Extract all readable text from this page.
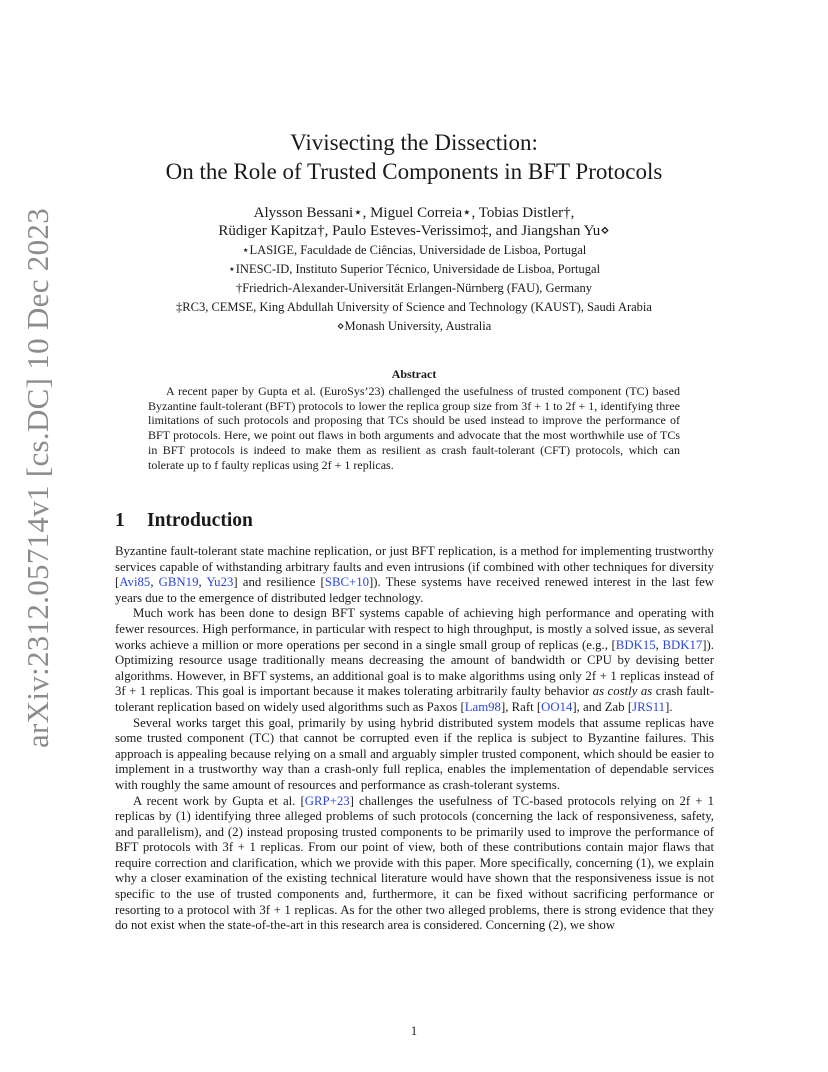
arXiv:2312.05714v1 [cs.DC] 10 Dec 2023
Vivisecting the Dissection:
On the Role of Trusted Components in BFT Protocols
Alysson Bessani⋆, Miguel Correia⋆, Tobias Distler†,
Rüdiger Kapitza†, Paulo Esteves-Verissimo‡, and Jiangshan Yu⋄
⋆LASIGE, Faculdade de Ciências, Universidade de Lisboa, Portugal
⋆INESC-ID, Instituto Superior Técnico, Universidade de Lisboa, Portugal
†Friedrich-Alexander-Universität Erlangen-Nürnberg (FAU), Germany
‡RC3, CEMSE, King Abdullah University of Science and Technology (KAUST), Saudi Arabia
⋄Monash University, Australia
Abstract

A recent paper by Gupta et al. (EuroSys’23) challenged the usefulness of trusted component (TC) based Byzantine fault-tolerant (BFT) protocols to lower the replica group size from 3f + 1 to 2f + 1, identifying three limitations of such protocols and proposing that TCs should be used instead to improve the performance of BFT protocols. Here, we point out flaws in both arguments and advocate that the most worthwhile use of TCs in BFT protocols is indeed to make them as resilient as crash fault-tolerant (CFT) protocols, which can tolerate up to f faulty replicas using 2f + 1 replicas.

1 Introduction

Byzantine fault-tolerant state machine replication, or just BFT replication, is a method for implementing trustworthy services capable of withstanding arbitrary faults and even intrusions (if combined with other techniques for diversity [Avi85, GBN19, Yu23] and resilience [SBC+10]). These systems have received renewed interest in the last few years due to the emergence of distributed ledger technology.

Much work has been done to design BFT systems capable of achieving high performance and operating with fewer resources. High performance, in particular with respect to high throughput, is mostly a solved issue, as several works achieve a million or more operations per second in a single small group of replicas (e.g., [BDK15, BDK17]). Optimizing resource usage traditionally means decreasing the amount of bandwidth or CPU by devising better algorithms. However, in BFT systems, an additional goal is to make algorithms using only 2f + 1 replicas instead of 3f + 1 replicas. This goal is important because it makes tolerating arbitrarily faulty behavior as costly as crash fault-tolerant replication based on widely used algorithms such as Paxos [Lam98], Raft [OO14], and Zab [JRS11].

Several works target this goal, primarily by using hybrid distributed system models that assume replicas have some trusted component (TC) that cannot be corrupted even if the replica is subject to Byzantine failures. This approach is appealing because relying on a small and arguably simpler trusted component, which should be easier to implement in a trustworthy way than a crash-only full replica, enables the implementation of dependable services with roughly the same amount of resources and performance as crash-tolerant systems.

A recent work by Gupta et al. [GRP+23] challenges the usefulness of TC-based protocols relying on 2f + 1 replicas by (1) identifying three alleged problems of such protocols (concerning the lack of responsiveness, safety, and parallelism), and (2) instead proposing trusted components to be primarily used to improve the performance of BFT protocols with 3f + 1 replicas. From our point of view, both of these contributions contain major flaws that require correction and clarification, which we provide with this paper. More specifically, concerning (1), we explain why a closer examination of the existing technical literature would have shown that the responsiveness issue is not specific to the use of trusted components and, furthermore, it can be fixed without sacrificing performance or resorting to a protocol with 3f + 1 replicas. As for the other two alleged problems, there is strong evidence that they do not exist when the state-of-the-art in this research area is considered. Concerning (2), we show

1
